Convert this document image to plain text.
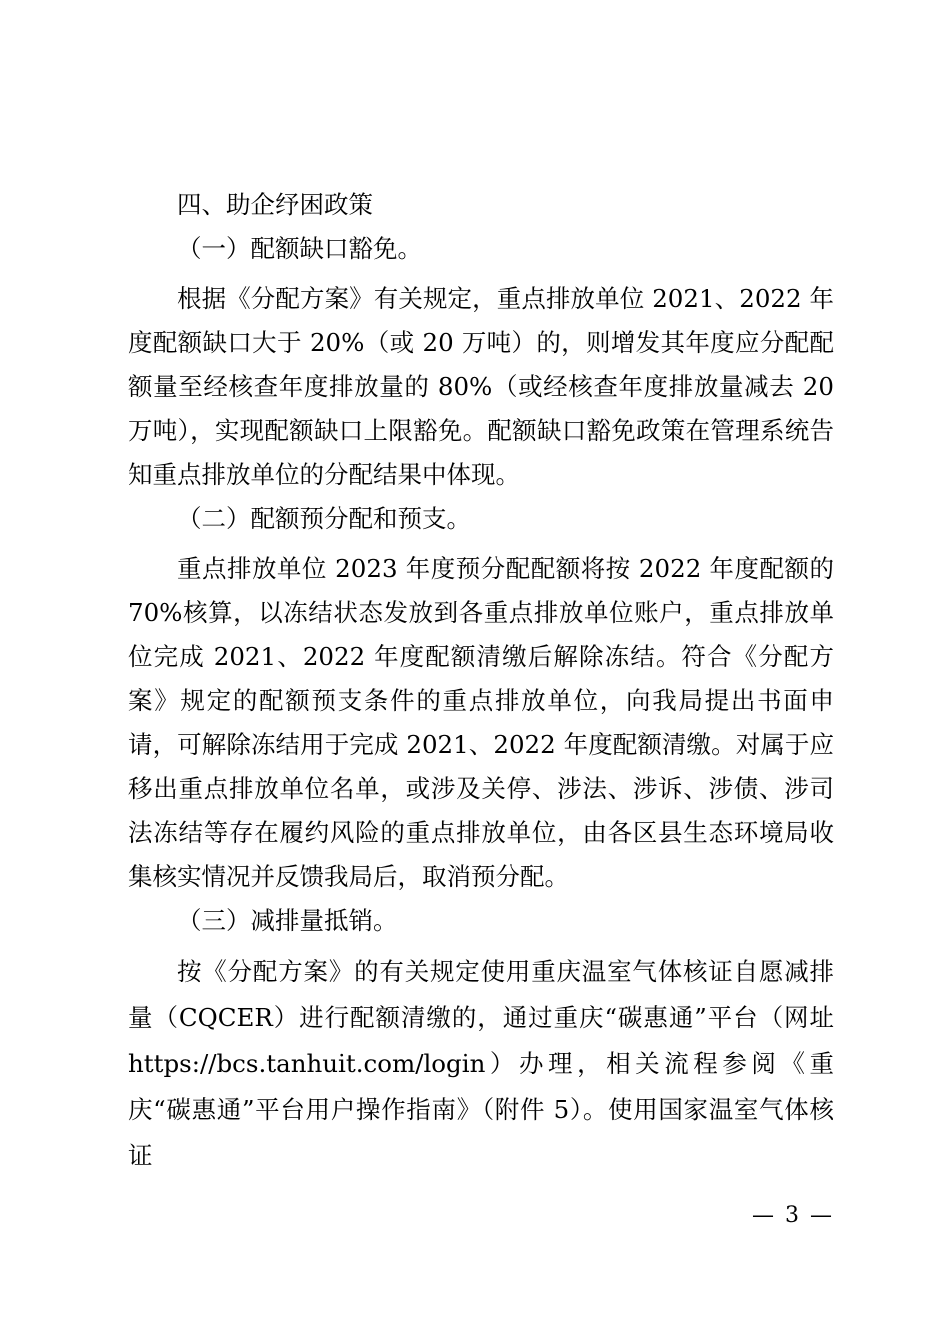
四、助企纾困政策

（一）配额缺口豁免。

根据《分配方案》有关规定，重点排放单位 2021、2022 年度配额缺口大于 20%（或 20 万吨）的，则增发其年度应分配配额量至经核查年度排放量的 80%（或经核查年度排放量减去 20 万吨），实现配额缺口上限豁免。配额缺口豁免政策在管理系统告知重点排放单位的分配结果中体现。

（二）配额预分配和预支。

重点排放单位 2023 年度预分配配额将按 2022 年度配额的 70%核算，以冻结状态发放到各重点排放单位账户，重点排放单位完成 2021、2022 年度配额清缴后解除冻结。符合《分配方案》规定的配额预支条件的重点排放单位，向我局提出书面申请，可解除冻结用于完成 2021、2022 年度配额清缴。对属于应移出重点排放单位名单，或涉及关停、涉法、涉诉、涉债、涉司法冻结等存在履约风险的重点排放单位，由各区县生态环境局收集核实情况并反馈我局后，取消预分配。

（三）减排量抵销。

按《分配方案》的有关规定使用重庆温室气体核证自愿减排量（CQCER）进行配额清缴的，通过重庆“碳惠通”平台（网址 https://bcs.tanhuit.com/login）办理，相关流程参阅《重庆“碳惠通”平台用户操作指南》（附件 5）。使用国家温室气体核证

— 3 —
